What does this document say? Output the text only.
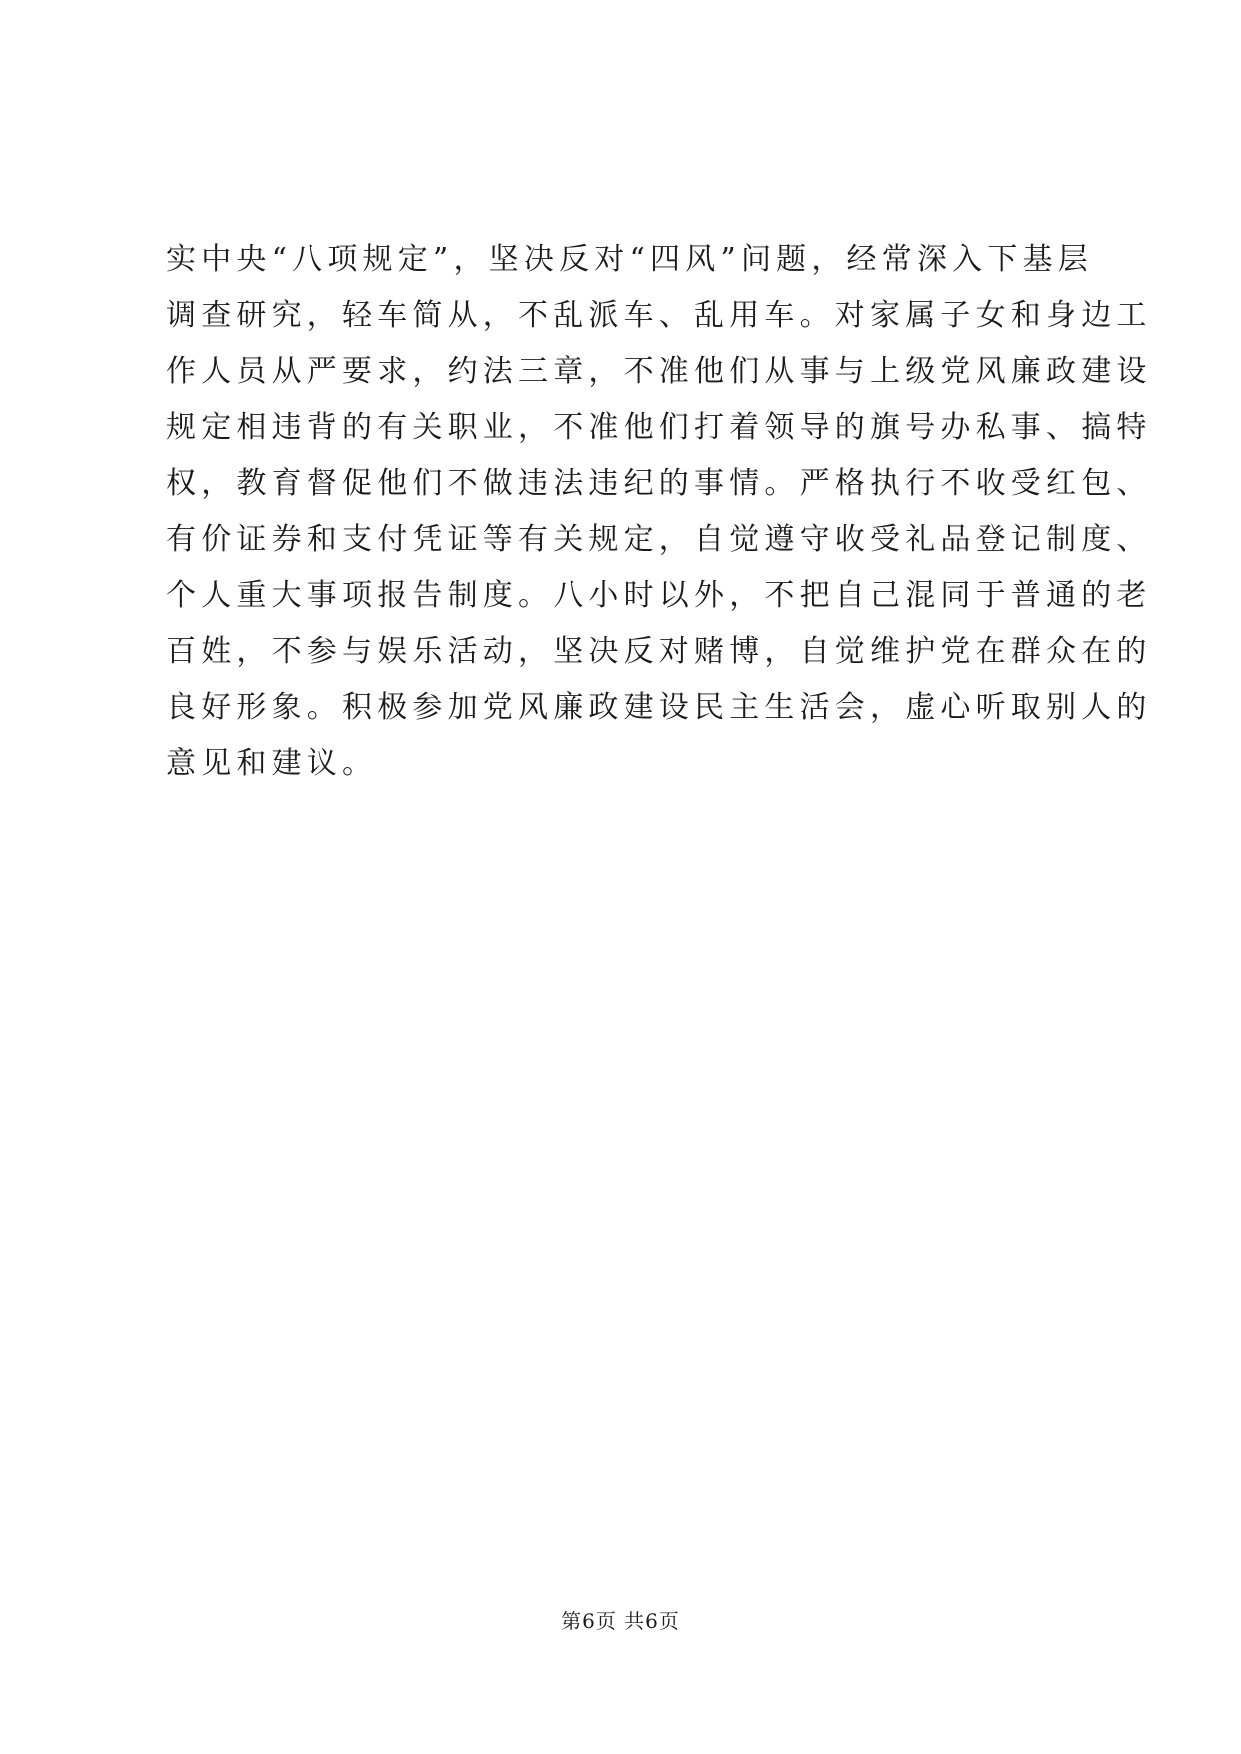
实中央“八项规定”，坚决反对“四风”问题，经常深入下基层
调查研究，轻车简从，不乱派车、乱用车。对家属子女和身边工
作人员从严要求，约法三章，不准他们从事与上级党风廉政建设
规定相违背的有关职业，不准他们打着领导的旗号办私事、搞特
权，教育督促他们不做违法违纪的事情。严格执行不收受红包、
有价证券和支付凭证等有关规定，自觉遵守收受礼品登记制度、
个人重大事项报告制度。八小时以外，不把自己混同于普通的老
百姓，不参与娱乐活动，坚决反对赌博，自觉维护党在群众在的
良好形象。积极参加党风廉政建设民主生活会，虚心听取别人的
意见和建议。
第6页 共6页
